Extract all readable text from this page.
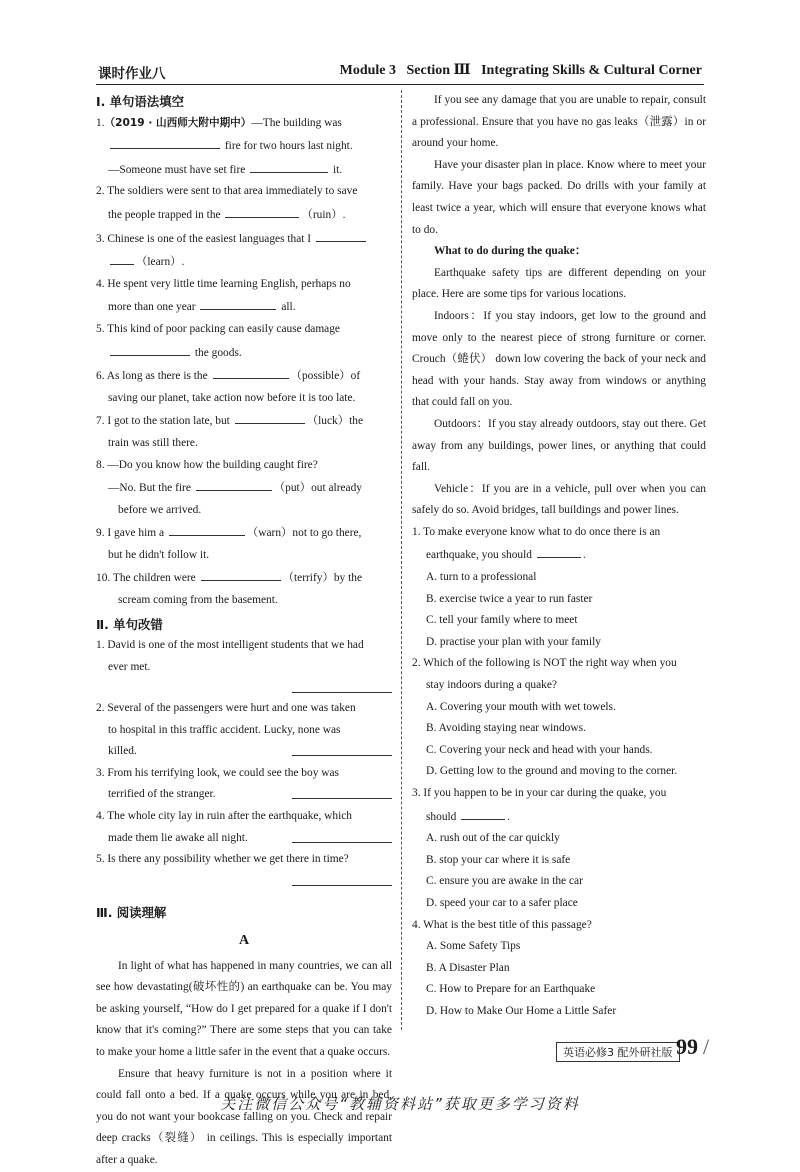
课时作业八	Module 3   Section Ⅲ   Integrating Skills & Cultural Corner
Ⅰ. 单句语法填空
1.（2019 · 山西师大附中期中）—The building was
fire for two hours last night.
—Someone must have set fire	it.
2. The soldiers were sent to that area immediately to save
the people trapped in the	（ruin）.
3. Chinese is one of the easiest languages that I
（learn）.
4. He spent very little time learning English, perhaps no
more than one year	all.
5. This kind of poor packing can easily cause damage
the goods.
6. As long as there is the	（possible）of
saving our planet, take action now before it is too late.
7. I got to the station late, but	（luck）the
train was still there.
8. —Do you know how the building caught fire?
—No. But the fire	（put）out already
before we arrived.
9. I gave him a	（warn）not to go there,
but he didn't follow it.
10. The children were	（terrify）by the
scream coming from the basement.
Ⅱ. 单句改错
1. David is one of the most intelligent students that we had
ever met.

2. Several of the passengers were hurt and one was taken
to hospital in this traffic accident. Lucky, none was
killed.
3. From his terrifying look, we could see the boy was
terrified of the stranger.
4. The whole city lay in ruin after the earthquake, which
made them lie awake all night.
5. Is there any possibility whether we get there in time?

Ⅲ. 阅读理解
A
In light of what has happened in many countries, we can all see how devastating(破坏性的) an earthquake can be. You may be asking yourself, “How do I get prepared for a quake if I don't know that it's coming?” There are some steps that you can take to make your home a little safer in the event that a quake occurs.
Ensure that heavy furniture is not in a position where it could fall onto a bed. If a quake occurs while you are in bed, you do not want your bookcase falling on you. Check and repair deep cracks（裂缝） in ceilings. This is especially important after a quake.
If you see any damage that you are unable to repair, consult a professional. Ensure that you have no gas leaks（泄露）in or around your home.
Have your disaster plan in place. Know where to meet your family. Have your bags packed. Do drills with your family at least twice a year, which will ensure that everyone knows what to do.
What to do during the quake：
Earthquake safety tips are different depending on your place. Here are some tips for various locations.
Indoors：If you stay indoors, get low to the ground and move only to the nearest piece of strong furniture or corner. Crouch（蜷伏） down low covering the back of your neck and head with your hands. Stay away from windows or anything that could fall on you.
Outdoors：If you stay already outdoors, stay out there. Get away from any buildings, power lines, or anything that could fall.
Vehicle：If you are in a vehicle, pull over when you can safely do so. Avoid bridges, tall buildings and power lines.
1. To make everyone know what to do once there is an
earthquake, you should	.
A. turn to a professional
B. exercise twice a year to run faster
C. tell your family where to meet
D. practise your plan with your family
2. Which of the following is NOT the right way when you
stay indoors during a quake?
A. Covering your mouth with wet towels.
B. Avoiding staying near windows.
C. Covering your neck and head with your hands.
D. Getting low to the ground and moving to the corner.
3. If you happen to be in your car during the quake, you
should	.
A. rush out of the car quickly
B. stop your car where it is safe
C. ensure you are awake in the car
D. speed your car to a safer place
4. What is the best title of this passage?
A. Some Safety Tips
B. A Disaster Plan
C. How to Prepare for an Earthquake
D. How to Make Our Home a Little Safer
英语必修3 配外研社版 99 /
关注微信公众号“教辅资料站”获取更多学习资料
